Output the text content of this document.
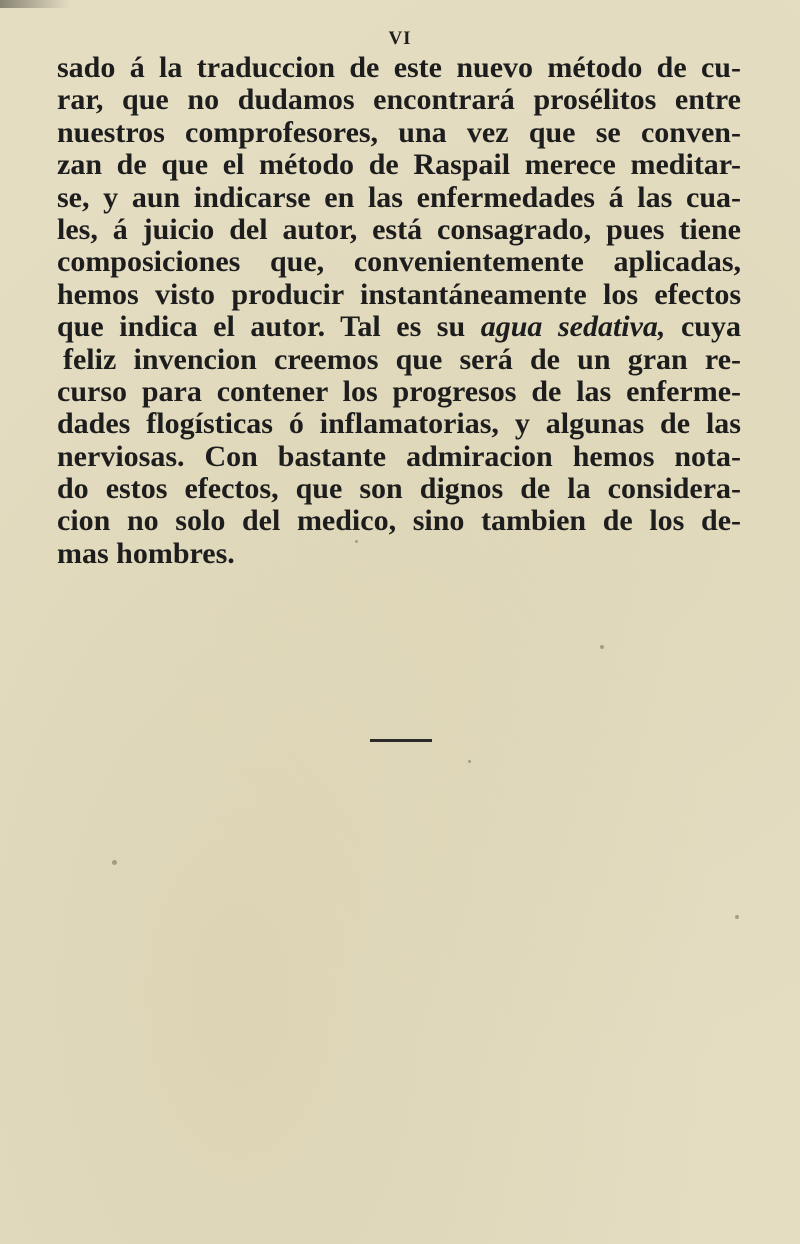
VI
sado á la traduccion de este nuevo método de cu-
rar, que no dudamos encontrará prosélitos entre
nuestros comprofesores, una vez que se conven-
zan de que el método de Raspail merece meditar-
se, y aun indicarse en las enfermedades á las cua-
les, á juicio del autor, está consagrado, pues tiene
composiciones que, convenientemente aplicadas,
hemos visto producir instantáneamente los efectos
que indica el autor. Tal es su agua sedativa, cuya
feliz invencion creemos que será de un gran re-
curso para contener los progresos de las enferme-
dades flogísticas ó inflamatorias, y algunas de las
nerviosas. Con bastante admiracion hemos nota-
do estos efectos, que son dignos de la considera-
cion no solo del medico, sino tambien de los de-
mas hombres.
